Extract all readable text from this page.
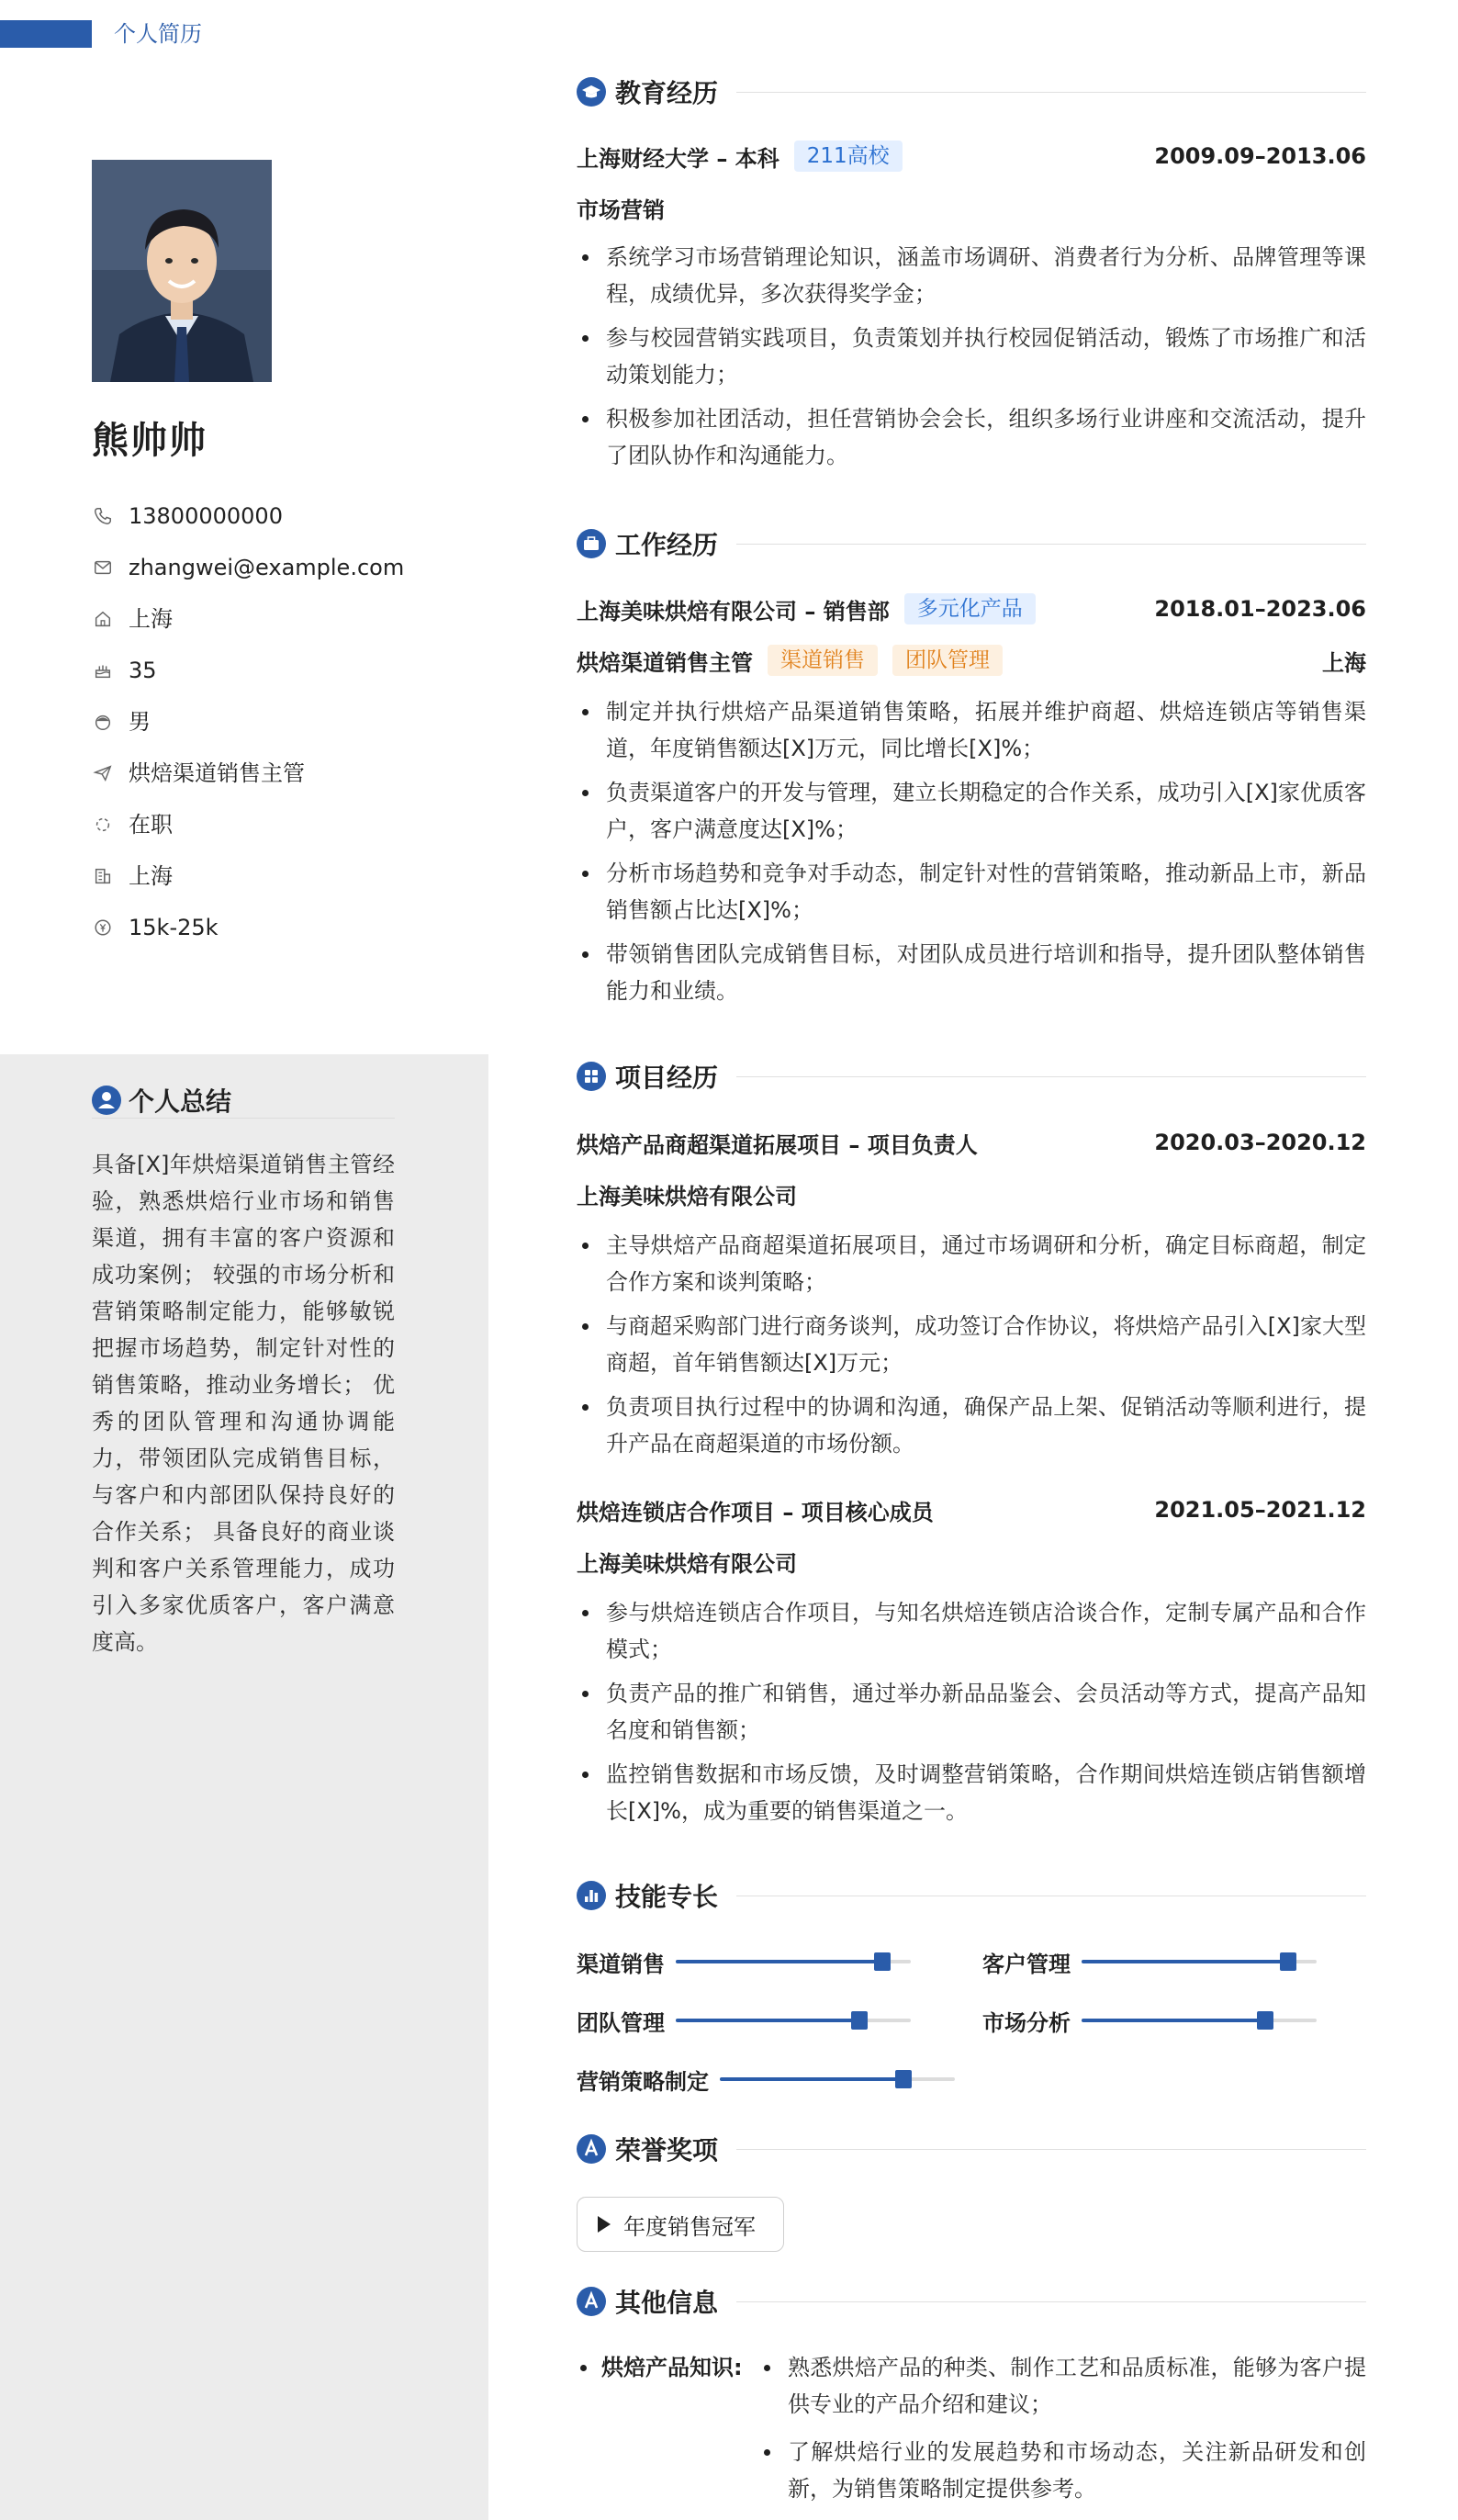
个人简历
熊帅帅
13800000000
zhangwei@example.com
上海
35
男
烘焙渠道销售主管
在职
上海
15k-25k
个人总结
具备[X]年烘焙渠道销售主管经验，熟悉烘焙行业市场和销售渠道，拥有丰富的客户资源和成功案例； 较强的市场分析和营销策略制定能力，能够敏锐把握市场趋势，制定针对性的销售策略，推动业务增长； 优秀的团队管理和沟通协调能力，带领团队完成销售目标，与客户和内部团队保持良好的合作关系； 具备良好的商业谈判和客户关系管理能力，成功引入多家优质客户，客户满意度高。
教育经历
上海财经大学 – 本科	211高校	2009.09–2013.06
市场营销
系统学习市场营销理论知识，涵盖市场调研、消费者行为分析、品牌管理等课程，成绩优异，多次获得奖学金；
参与校园营销实践项目，负责策划并执行校园促销活动，锻炼了市场推广和活动策划能力；
积极参加社团活动，担任营销协会会长，组织多场行业讲座和交流活动，提升了团队协作和沟通能力。
工作经历
上海美味烘焙有限公司 – 销售部	多元化产品	2018.01–2023.06
烘焙渠道销售主管	渠道销售	团队管理	上海
制定并执行烘焙产品渠道销售策略，拓展并维护商超、烘焙连锁店等销售渠道，年度销售额达[X]万元，同比增长[X]%；
负责渠道客户的开发与管理，建立长期稳定的合作关系，成功引入[X]家优质客户，客户满意度达[X]%；
分析市场趋势和竞争对手动态，制定针对性的营销策略，推动新品上市，新品销售额占比达[X]%；
带领销售团队完成销售目标，对团队成员进行培训和指导，提升团队整体销售能力和业绩。
项目经历
烘焙产品商超渠道拓展项目 – 项目负责人	2020.03–2020.12
上海美味烘焙有限公司
主导烘焙产品商超渠道拓展项目，通过市场调研和分析，确定目标商超，制定合作方案和谈判策略；
与商超采购部门进行商务谈判，成功签订合作协议，将烘焙产品引入[X]家大型商超，首年销售额达[X]万元；
负责项目执行过程中的协调和沟通，确保产品上架、促销活动等顺利进行，提升产品在商超渠道的市场份额。
烘焙连锁店合作项目 – 项目核心成员	2021.05–2021.12
上海美味烘焙有限公司
参与烘焙连锁店合作项目，与知名烘焙连锁店洽谈合作，定制专属产品和合作模式；
负责产品的推广和销售，通过举办新品品鉴会、会员活动等方式，提高产品知名度和销售额；
监控销售数据和市场反馈，及时调整营销策略，合作期间烘焙连锁店销售额增长[X]%，成为重要的销售渠道之一。
技能专长
渠道销售	客户管理
团队管理	市场分析
营销策略制定
荣誉奖项
年度销售冠军
其他信息
烘焙产品知识:	熟悉烘焙产品的种类、制作工艺和品质标准，能够为客户提供专业的产品介绍和建议；
了解烘焙行业的发展趋势和市场动态，关注新品研发和创新，为销售策略制定提供参考。
